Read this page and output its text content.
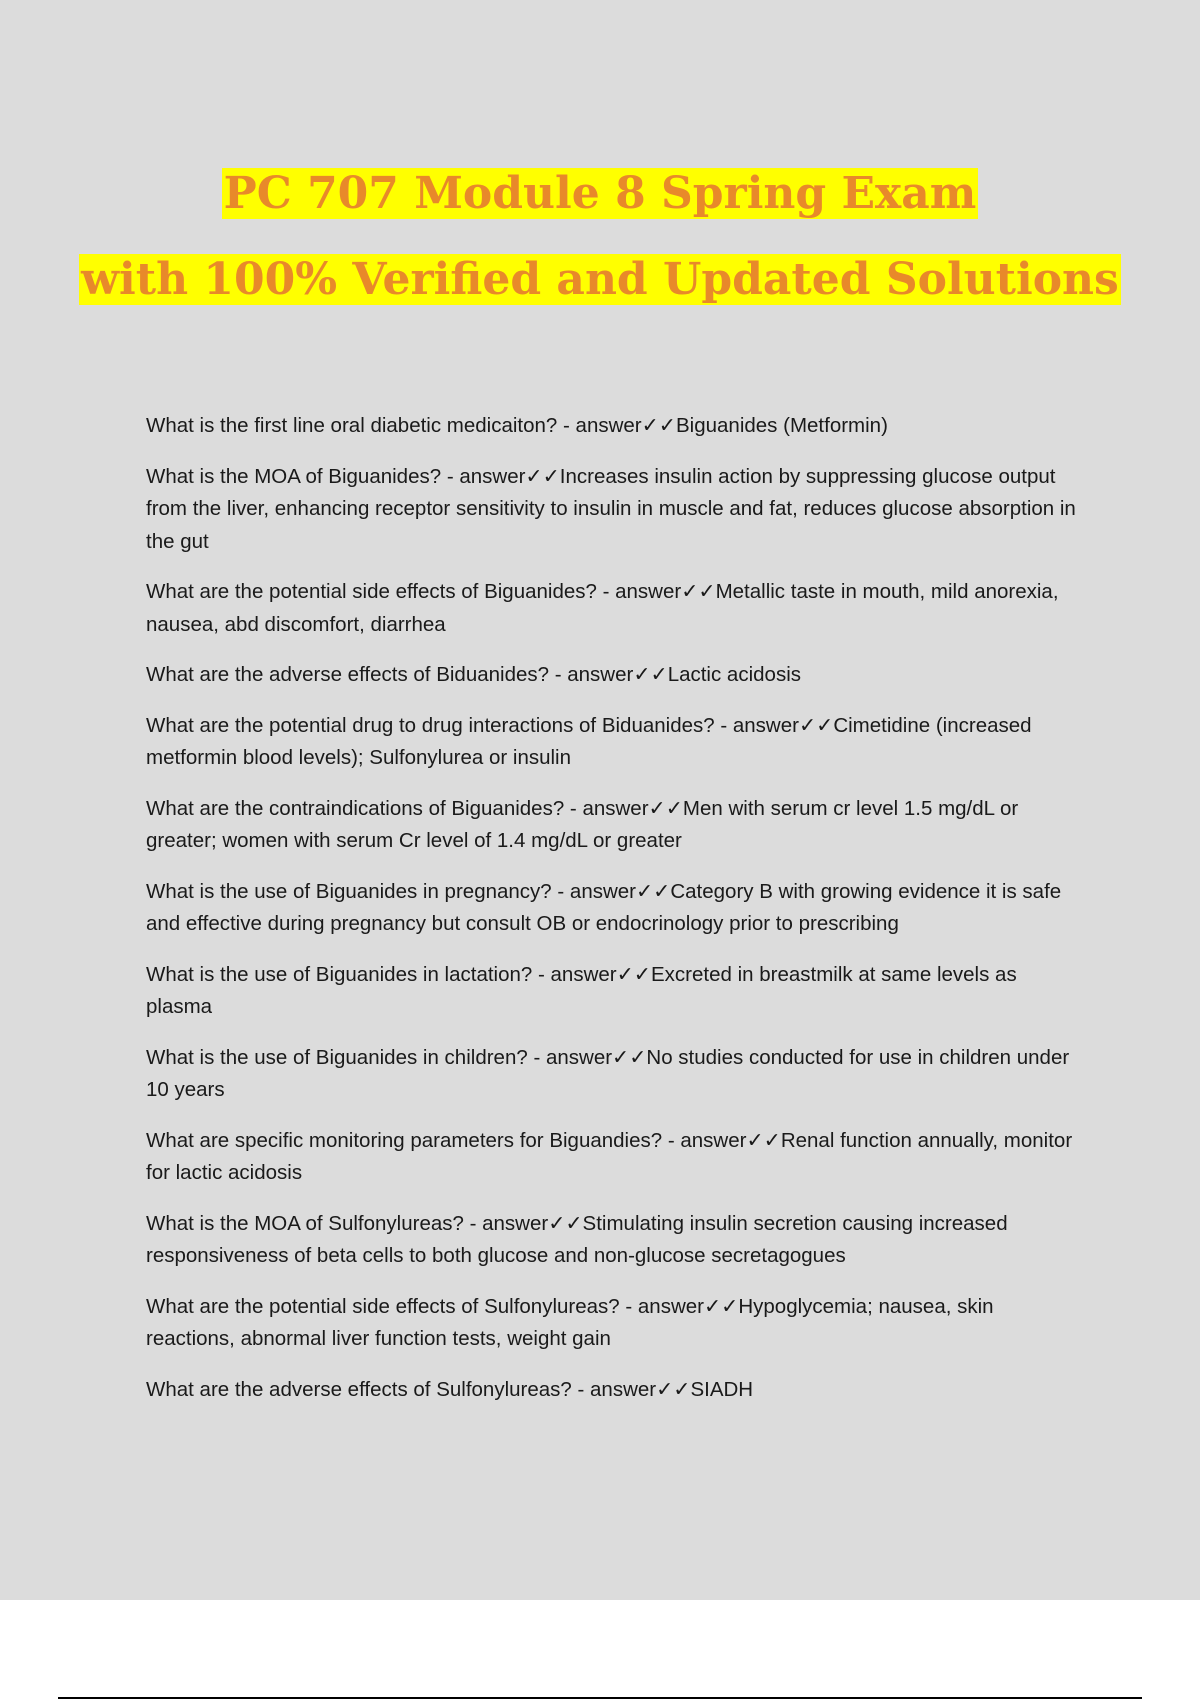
PC 707 Module 8 Spring Exam
with 100% Verified and Updated Solutions

What is the first line oral diabetic medicaiton? - answer✓✓Biguanides (Metformin)

What is the MOA of Biguanides? - answer✓✓Increases insulin action by suppressing glucose output from the liver, enhancing receptor sensitivity to insulin in muscle and fat, reduces glucose absorption in the gut

What are the potential side effects of Biguanides? - answer✓✓Metallic taste in mouth, mild anorexia, nausea, abd discomfort, diarrhea

What are the adverse effects of Biduanides? - answer✓✓Lactic acidosis

What are the potential drug to drug interactions of Biduanides? - answer✓✓Cimetidine (increased metformin blood levels); Sulfonylurea or insulin

What are the contraindications of Biguanides? - answer✓✓Men with serum cr level 1.5 mg/dL or greater; women with serum Cr level of 1.4 mg/dL or greater

What is the use of Biguanides in pregnancy? - answer✓✓Category B with growing evidence it is safe and effective during pregnancy but consult OB or endocrinology prior to prescribing

What is the use of Biguanides in lactation? - answer✓✓Excreted in breastmilk at same levels as plasma

What is the use of Biguanides in children? - answer✓✓No studies conducted for use in children under 10 years

What are specific monitoring parameters for Biguandies? - answer✓✓Renal function annually, monitor for lactic acidosis

What is the MOA of Sulfonylureas? - answer✓✓Stimulating insulin secretion causing increased responsiveness of beta cells to both glucose and non-glucose secretagogues

What are the potential side effects of Sulfonylureas? - answer✓✓Hypoglycemia; nausea, skin reactions, abnormal liver function tests, weight gain

What are the adverse effects of Sulfonylureas? - answer✓✓SIADH
